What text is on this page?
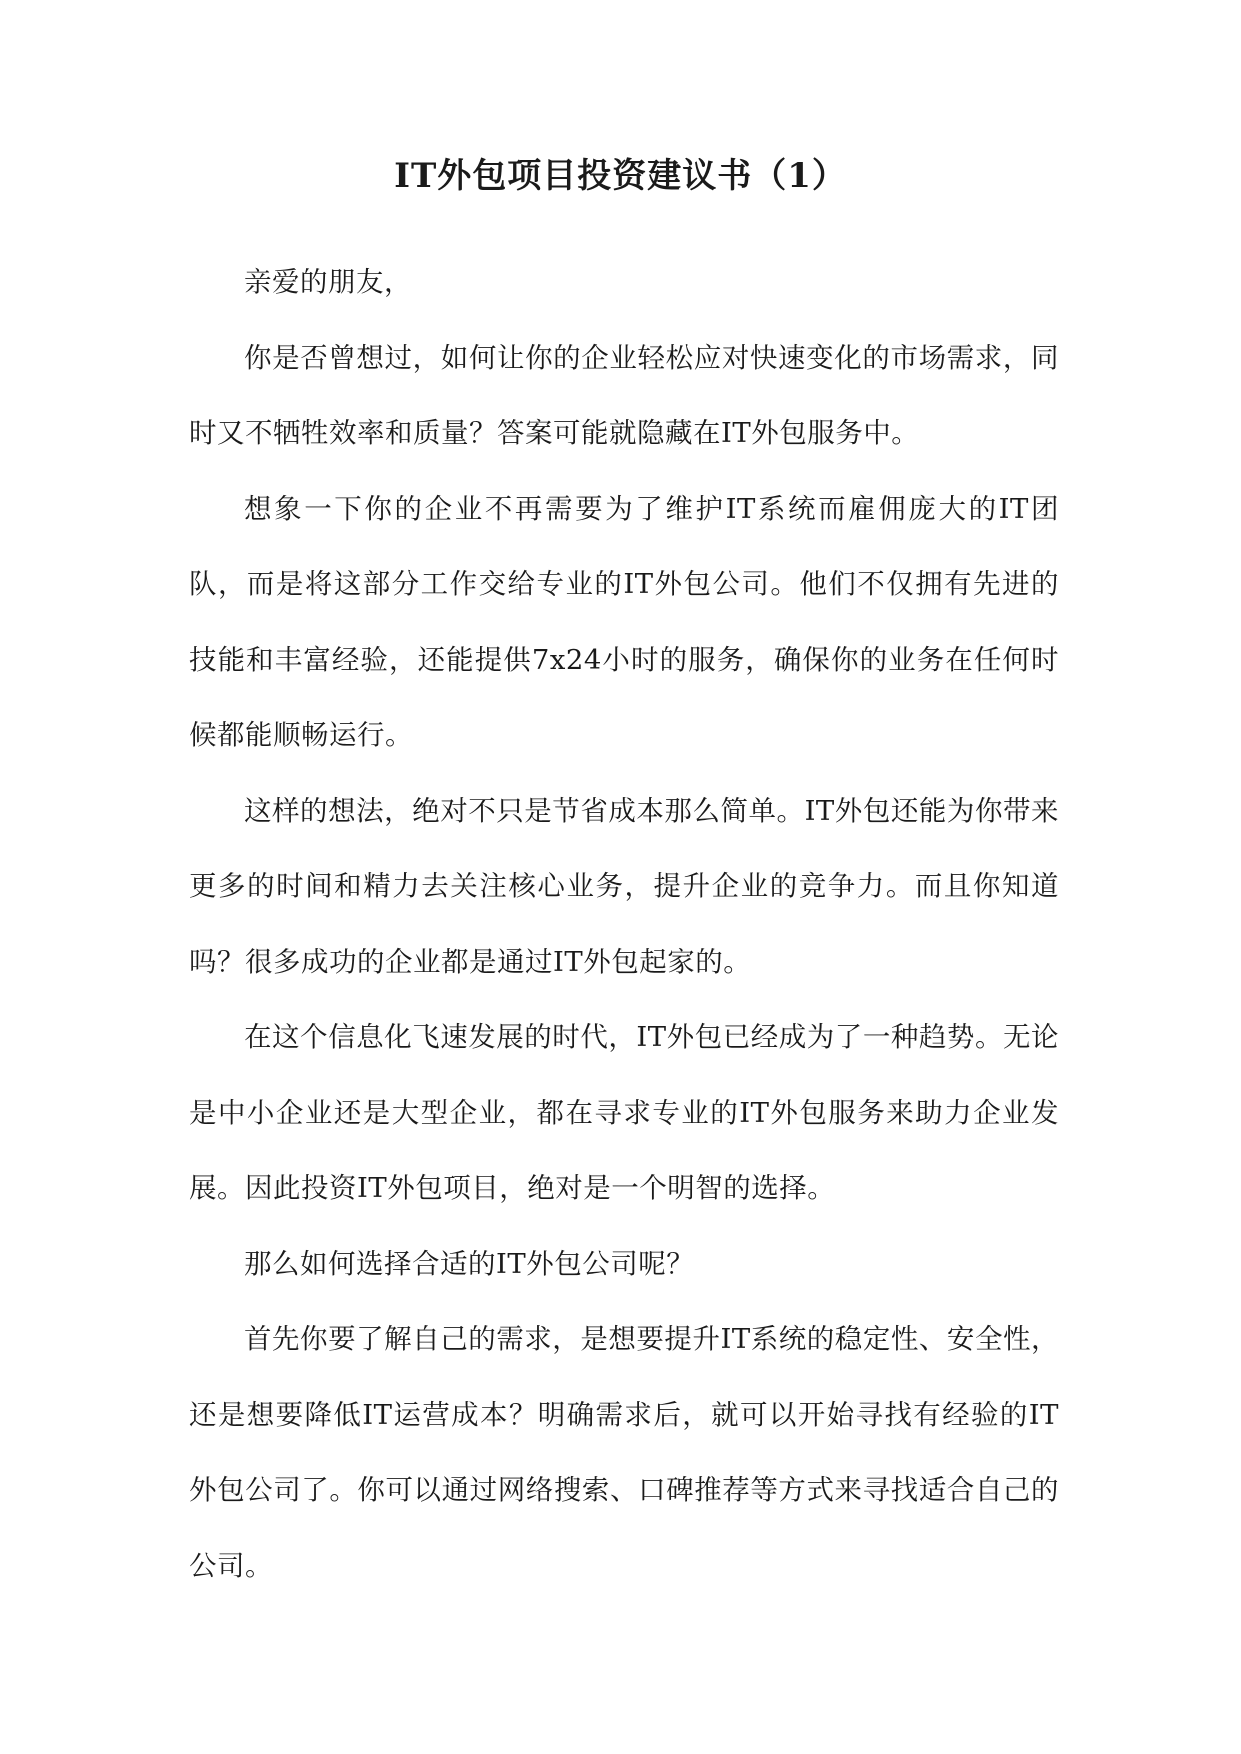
IT外包项目投资建议书（1）

亲爱的朋友，

你是否曾想过，如何让你的企业轻松应对快速变化的市场需求，同时又不牺牲效率和质量？答案可能就隐藏在IT外包服务中。

想象一下你的企业不再需要为了维护IT系统而雇佣庞大的IT团队，而是将这部分工作交给专业的IT外包公司。他们不仅拥有先进的技能和丰富经验，还能提供7x24小时的服务，确保你的业务在任何时候都能顺畅运行。

这样的想法，绝对不只是节省成本那么简单。IT外包还能为你带来更多的时间和精力去关注核心业务，提升企业的竞争力。而且你知道吗？很多成功的企业都是通过IT外包起家的。

在这个信息化飞速发展的时代，IT外包已经成为了一种趋势。无论是中小企业还是大型企业，都在寻求专业的IT外包服务来助力企业发展。因此投资IT外包项目，绝对是一个明智的选择。

那么如何选择合适的IT外包公司呢？

首先你要了解自己的需求，是想要提升IT系统的稳定性、安全性，还是想要降低IT运营成本？明确需求后，就可以开始寻找有经验的IT外包公司了。你可以通过网络搜索、口碑推荐等方式来寻找适合自己的公司。
